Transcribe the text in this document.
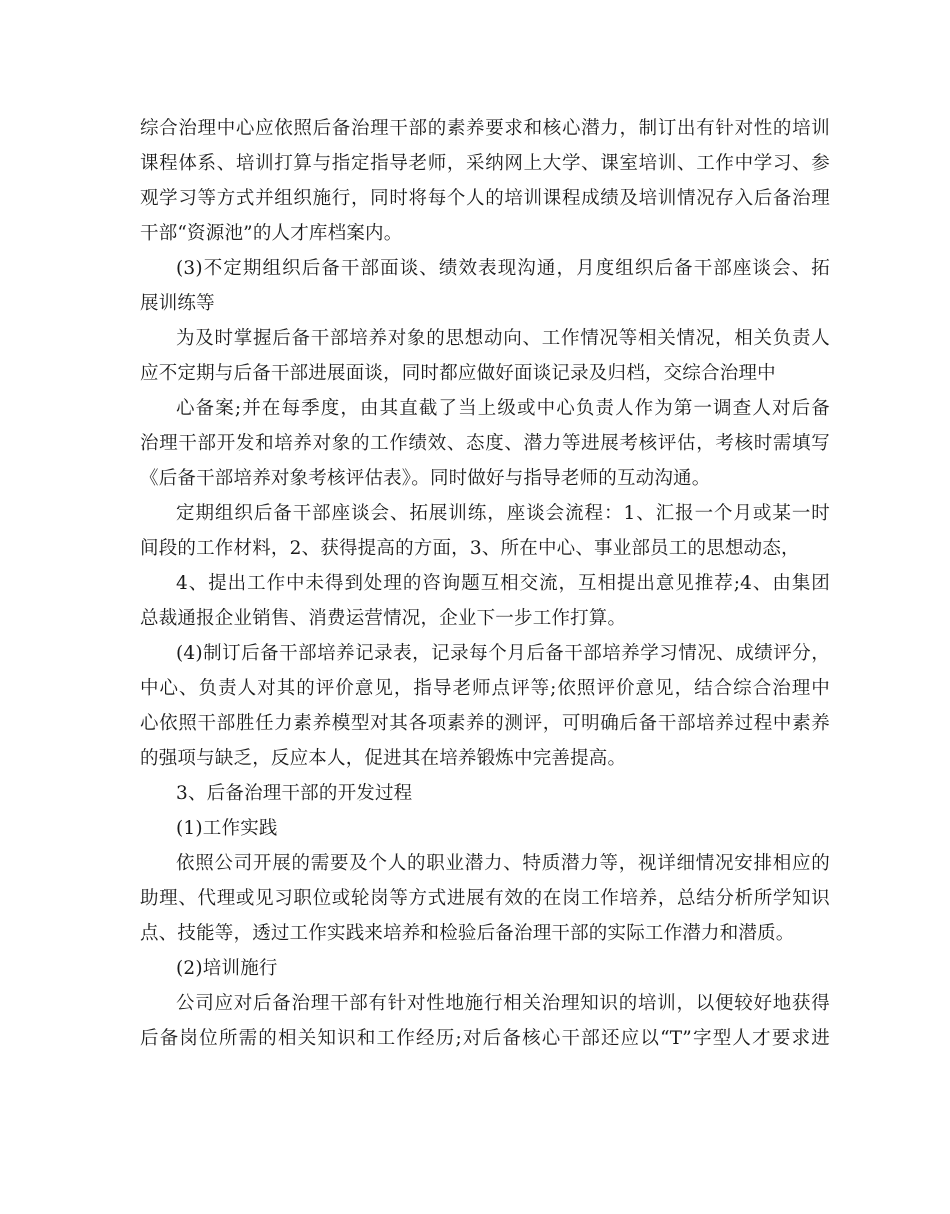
综合治理中心应依照后备治理干部的素养要求和核心潜力，制订出有针对性的培训
课程体系、培训打算与指定指导老师，采纳网上大学、课室培训、工作中学习、参
观学习等方式并组织施行，同时将每个人的培训课程成绩及培训情况存入后备治理
干部“资源池”的人才库档案内。
(3)不定期组织后备干部面谈、绩效表现沟通，月度组织后备干部座谈会、拓
展训练等
为及时掌握后备干部培养对象的思想动向、工作情况等相关情况，相关负责人
应不定期与后备干部进展面谈，同时都应做好面谈记录及归档，交综合治理中
心备案;并在每季度，由其直截了当上级或中心负责人作为第一调查人对后备
治理干部开发和培养对象的工作绩效、态度、潜力等进展考核评估，考核时需填写
《后备干部培养对象考核评估表》。同时做好与指导老师的互动沟通。
定期组织后备干部座谈会、拓展训练，座谈会流程：1、汇报一个月或某一时
间段的工作材料，2、获得提高的方面，3、所在中心、事业部员工的思想动态，
4、提出工作中未得到处理的咨询题互相交流，互相提出意见推荐;4、由集团
总裁通报企业销售、消费运营情况，企业下一步工作打算。
(4)制订后备干部培养记录表，记录每个月后备干部培养学习情况、成绩评分，
中心、负责人对其的评价意见，指导老师点评等;依照评价意见，结合综合治理中
心依照干部胜任力素养模型对其各项素养的测评，可明确后备干部培养过程中素养
的强项与缺乏，反应本人，促进其在培养锻炼中完善提高。
3、后备治理干部的开发过程
(1)工作实践
依照公司开展的需要及个人的职业潜力、特质潜力等，视详细情况安排相应的
助理、代理或见习职位或轮岗等方式进展有效的在岗工作培养，总结分析所学知识
点、技能等，透过工作实践来培养和检验后备治理干部的实际工作潜力和潜质。
(2)培训施行
公司应对后备治理干部有针对性地施行相关治理知识的培训，以便较好地获得
后备岗位所需的相关知识和工作经历;对后备核心干部还应以“T”字型人才要求进
